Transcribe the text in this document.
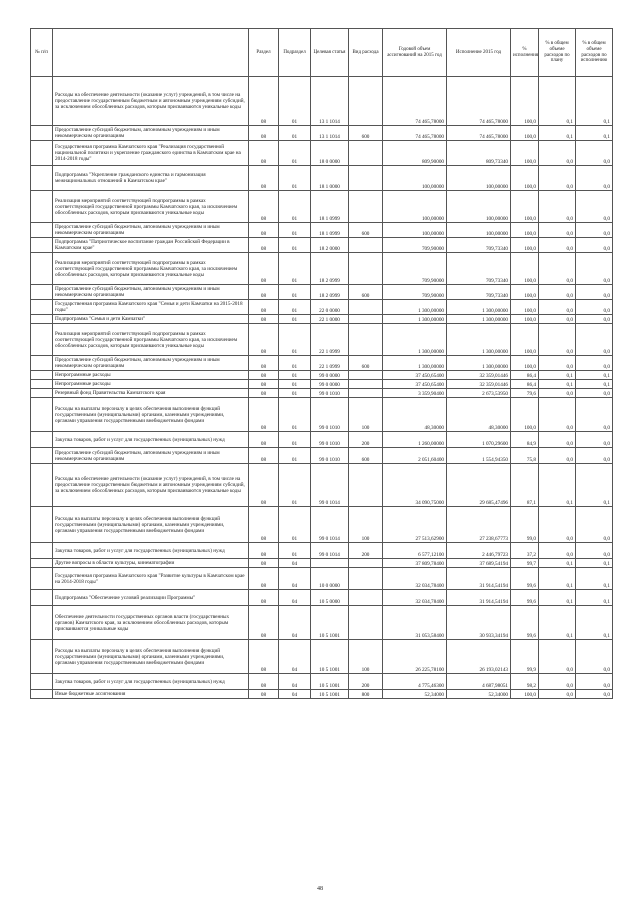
№ п/п		Раздел	Подраздел	Целевая статья	Вид расхода	Годовой объем ассигнований на 2015 год	Исполнение 2015 год	% исполнения	% в общем объеме расходов по плану	% в общем объеме расходов по исполнению
	Расходы на обеспечение деятельности (оказание услуг) учреждений, в том числе на предоставление государственным бюджетным и автономным учреждениям субсидий, за исключением обособленных расходов, которым присваиваются уникальные коды	08	01	13 1 1014		74 465,78000	74 465,78000	100,0	0,1	0,1
	Предоставление субсидий бюджетным, автономным учреждениям и иным некоммерческим организациям	08	01	13 1 1014	600	74 465,78000	74 465,78000	100,0	0,1	0,1
	Государственная программа Камчатского края "Реализация государственной национальной политики и укрепление гражданского единства в Камчатском крае на 2014-2018 годы"	08	01	18 0 0000		809,90000	809,73340	100,0	0,0	0,0
	Подпрограмма "Укрепление гражданского единства и гармонизация межнациональных отношений в Камчатском крае"	08	01	18 1 0000		100,00000	100,00000	100,0	0,0	0,0
	Реализация мероприятий соответствующей подпрограммы в рамках соответствующей государственной программы Камчатского края, за исключением обособленных расходов, которым присваиваются уникальные коды	08	01	18 1 0999		100,00000	100,00000	100,0	0,0	0,0
	Предоставление субсидий бюджетным, автономным учреждениям и иным некоммерческим организациям	08	01	18 1 0999	600	100,00000	100,00000	100,0	0,0	0,0
	Подпрограмма "Патриотическое воспитание граждан Российской Федерации в Камчатском крае"	08	01	18 2 0000		709,90000	709,73340	100,0	0,0	0,0
	Реализация мероприятий соответствующей подпрограммы в рамках соответствующей государственной программы Камчатского края, за исключением обособленных расходов, которым присваиваются уникальные коды	08	01	18 2 0999		709,90000	709,73340	100,0	0,0	0,0
	Предоставление субсидий бюджетным, автономным учреждениям и иным некоммерческим организациям	08	01	18 2 0999	600	709,90000	709,73340	100,0	0,0	0,0
	Государственная программа Камчатского края "Семья и дети Камчатки на 2015-2018 годы"	08	01	22 0 0000		1 300,00000	1 300,00000	100,0	0,0	0,0
	Подпрограмма "Семья и дети Камчатки"	08	01	22 1 0000		1 300,00000	1 300,00000	100,0	0,0	0,0
	Реализация мероприятий соответствующей подпрограммы в рамках соответствующей государственной программы Камчатского края, за исключением обособленных расходов, которым присваиваются уникальные коды	08	01	22 1 0999		1 300,00000	1 300,00000	100,0	0,0	0,0
	Предоставление субсидий бюджетным, автономным учреждениям и иным некоммерческим организациям	08	01	22 1 0999	600	1 300,00000	1 300,00000	100,0	0,0	0,0
	Непрограммные расходы	08	01	99 0 0000		37 450,65400	32 359,01446	86,4	0,1	0,1
	Непрограммные расходы	08	01	99 0 0000		37 450,65400	32 359,01446	86,4	0,1	0,1
	Резервный фонд Правительства Камчатского края	08	01	99 0 1010		3 359,90400	2 673,53950	79,6	0,0	0,0
	Расходы на выплаты персоналу в целях обеспечения выполнения функций государственными (муниципальными) органами, казенными учреждениями, органами управления государственными внебюджетными фондами	08	01	99 0 1010	100	48,30000	48,30000	100,0	0,0	0,0
	Закупка товаров, работ и услуг для государственных (муниципальных) нужд	08	01	99 0 1010	200	1 260,00000	1 070,29600	84,9	0,0	0,0
	Предоставление субсидий бюджетным, автономным учреждениям и иным некоммерческим организациям	08	01	99 0 1010	600	2 051,60400	1 554,94350	75,8	0,0	0,0
	Расходы на обеспечение деятельности (оказание услуг) учреждений, в том числе на предоставление государственным бюджетным и автономным учреждениям субсидий, за исключением обособленных расходов, которым присваиваются уникальные коды	08	01	99 0 1014		34 090,75000	29 685,47496	87,1	0,1	0,1
	Расходы на выплаты персоналу в целях обеспечения выполнения функций государственными (муниципальными) органами, казенными учреждениями, органами управления государственными внебюджетными фондами	08	01	99 0 1014	100	27 513,62900	27 238,67773	99,0	0,0	0,0
	Закупка товаров, работ и услуг для государственных (муниципальных) нужд	08	01	99 0 1014	200	6 577,12100	2 446,79723	37,2	0,0	0,0
	Другие вопросы в области культуры, кинематографии	08	04			37 809,78400	37 689,54194	99,7	0,1	0,1
	Государственная программа Камчатского края "Развитие культуры в Камчатском крае на 2014-2018 годы"	08	04	10 0 0000		32 034,78400	31 914,54194	99,6	0,1	0,1
	Подпрограмма "Обеспечение условий реализации Программы"	08	04	10 5 0000		32 034,78400	31 914,54194	99,6	0,1	0,1
	Обеспечение деятельности государственных органов власти (государственных органов) Камчатского края, за исключением обособленных расходов, которым присваиваются уникальные коды	08	04	10 5 1001		31 053,58400	30 933,34194	99,6	0,1	0,1
	Расходы на выплаты персоналу в целях обеспечения выполнения функций государственными (муниципальными) органами, казенными учреждениями, органами управления государственными внебюджетными фондами	08	04	10 5 1001	100	26 225,78100	26 193,02143	99,9	0,0	0,0
	Закупка товаров, работ и услуг для государственных (муниципальных) нужд	08	04	10 5 1001	200	4 775,46300	4 687,98051	98,2	0,0	0,0
	Иные бюджетные ассигнования	08	04	10 5 1001	800	52,34000	52,34000	100,0	0,0	0,0
48
